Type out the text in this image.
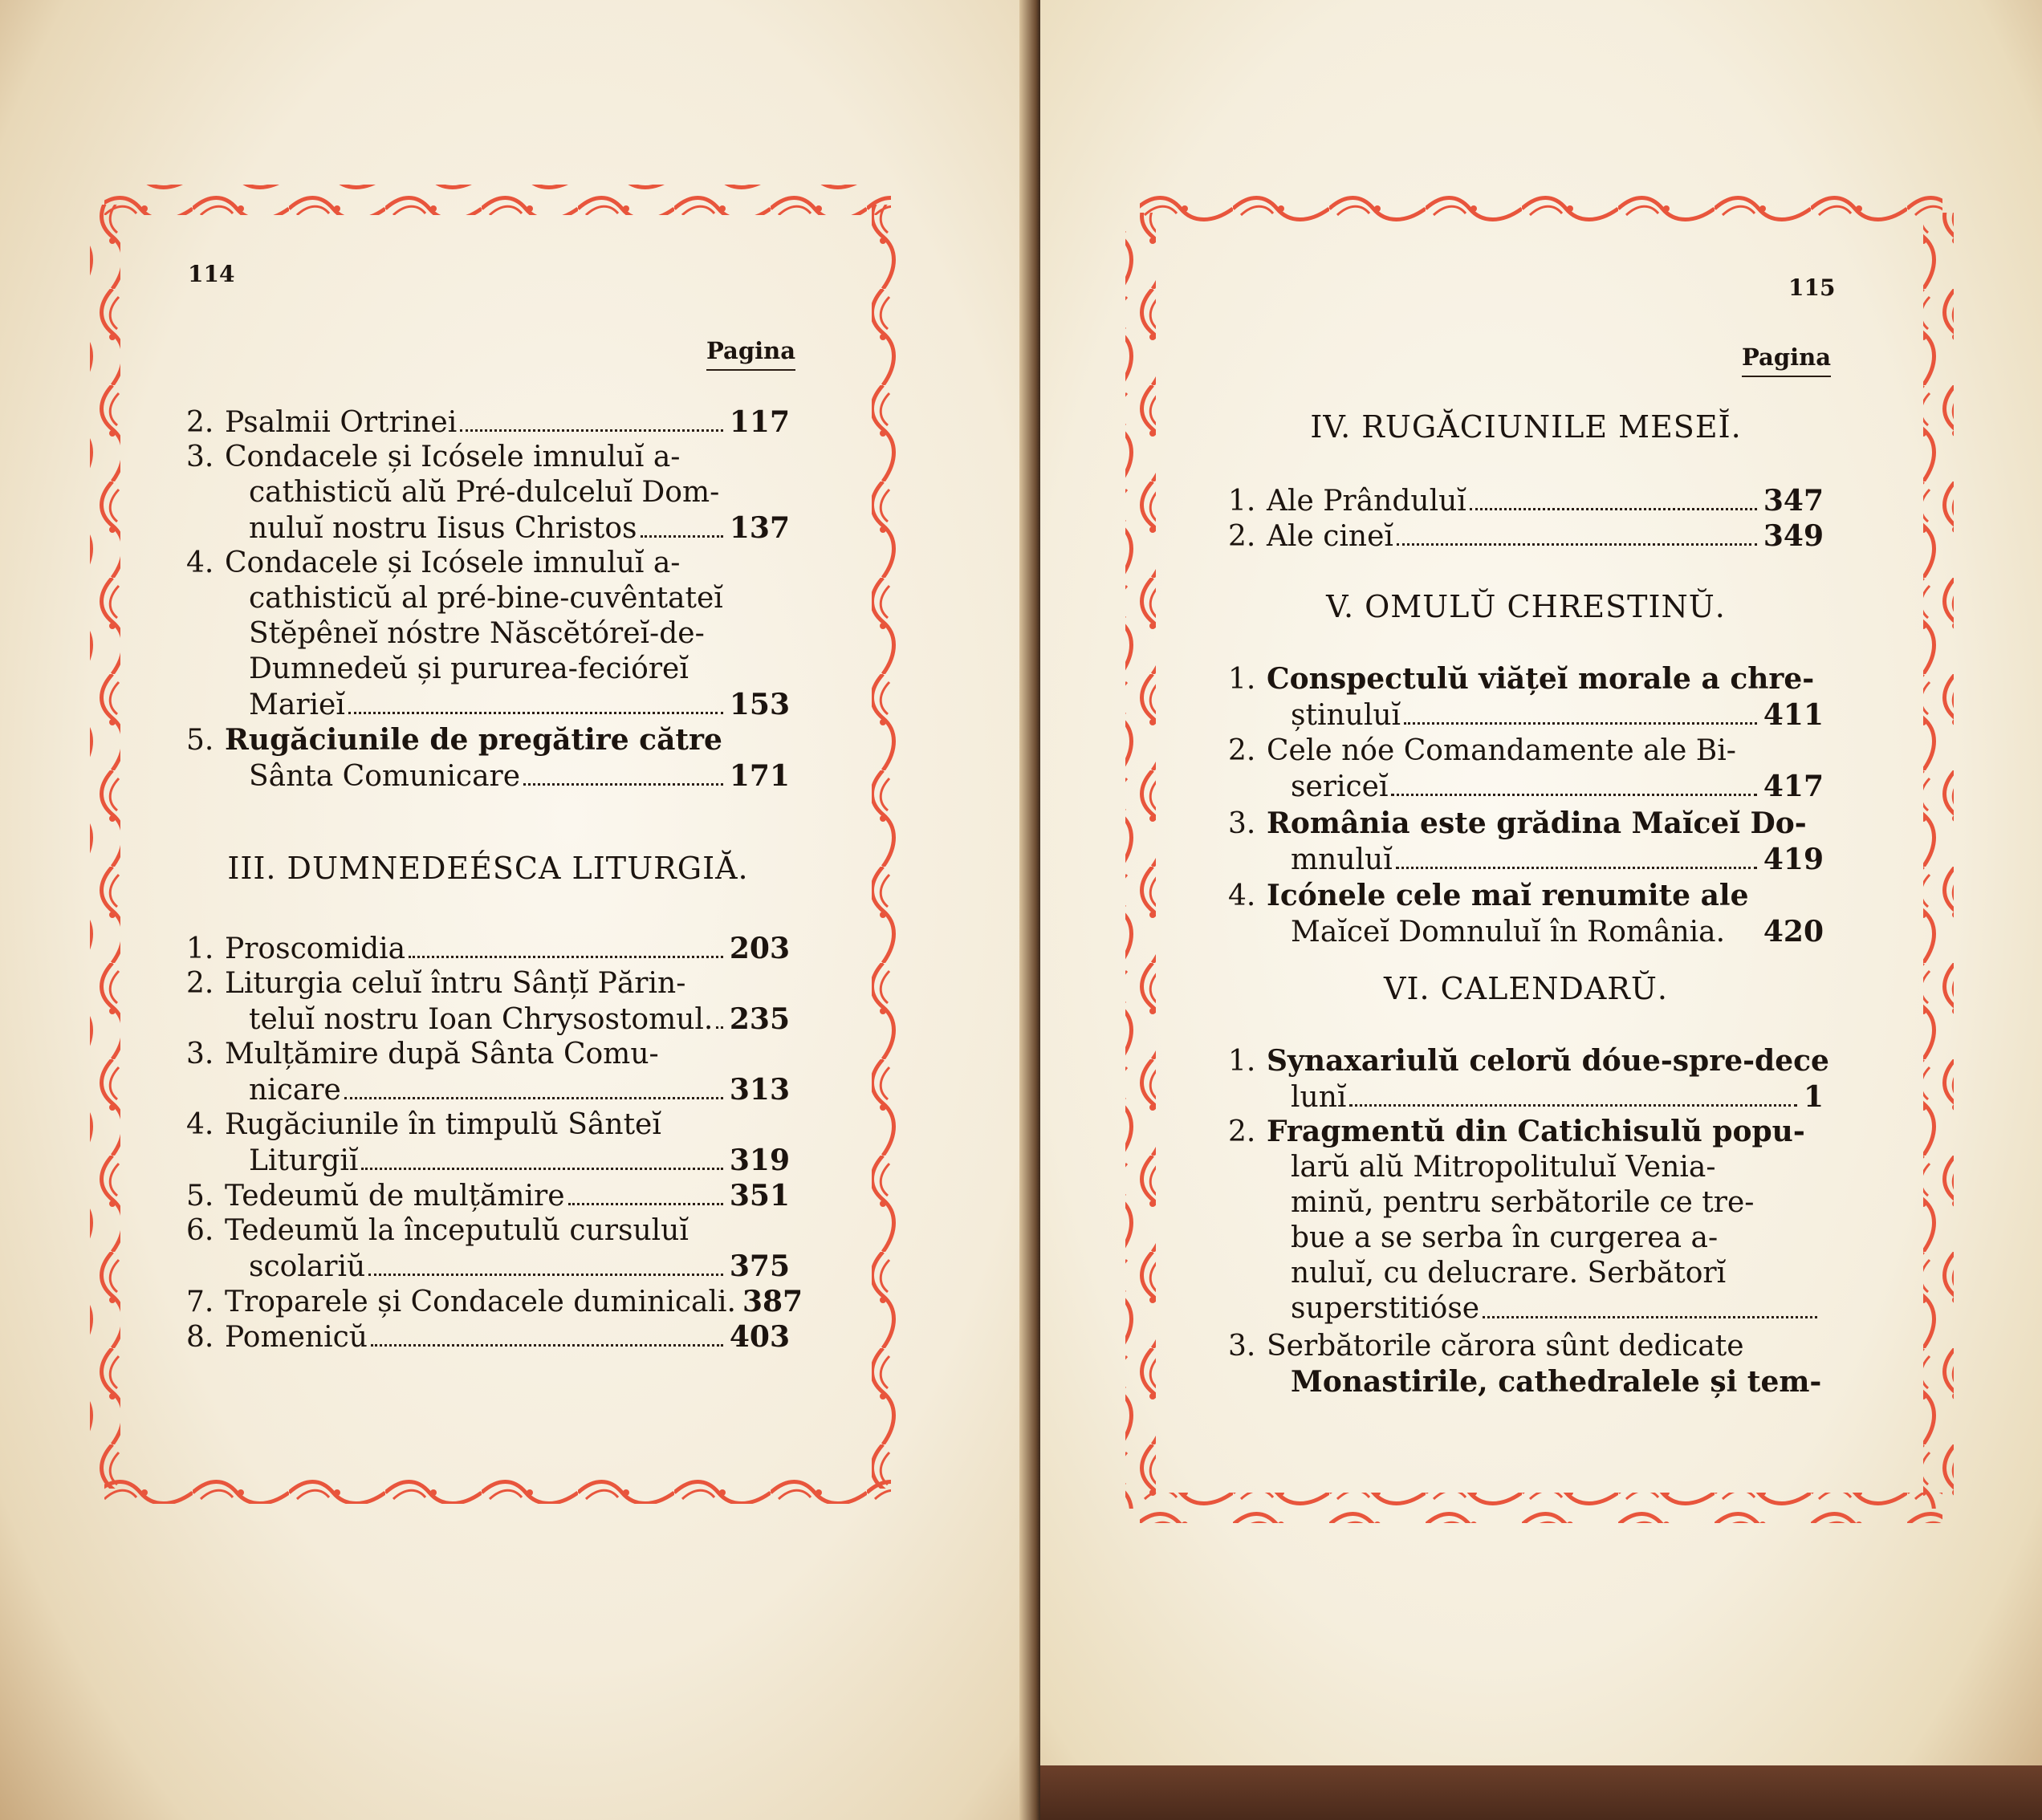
114
Pagina
2. Psalmii Ortrinei	117
3. Condacele și Icósele imnuluĭ a-
cathisticŭ alŭ Pré-dulceluĭ Dom-
nuluĭ nostru Iisus Christos	137
4. Condacele și Icósele imnuluĭ a-
cathisticŭ al pré-bine-cuvêntateĭ
Stĕpêneĭ nóstre Născĕtóreĭ-de-
Dumnedeŭ și pururea-fecióreĭ
Marieĭ	153
5. Rugăciunile de pregătire către
Sânta Comunicare	171
III. DUMNEDEÉSCA LITURGIĂ.
1. Proscomidia	203
2. Liturgia celuĭ întru Sânțĭ Părin-
teluĭ nostru Ioan Chrysostomul. 235
3. Mulțămire după Sânta Comu-
nicare	313
4. Rugăciunile în timpulŭ Sânteĭ
Liturgiĭ	319
5. Tedeumŭ de mulțămire	351
6. Tedeumŭ la începutulŭ cursuluĭ
scolariŭ	375
7. Troparele și Condacele duminicali. 387
8. Pomenicŭ	403
115
Pagina
IV. RUGĂCIUNILE MESEĬ.
1. Ale Prânduluĭ	347
2. Ale cineĭ	349
V. OMULŬ CHRESTINŬ.
1. Conspectulŭ viățeĭ morale a chre-
știnuluĭ	411
2. Cele nóe Comandamente ale Bi-
sericeĭ	417
3. România este grădina Maĭceĭ Do-
mnuluĭ	419
4. Icónele cele maĭ renumite ale
Maĭceĭ Domnuluĭ în România. 420
VI. CALENDARŬ.
1. Synaxariulŭ celorŭ dóue-spre-dece
lunĭ	1
2. Fragmentŭ din Catichisulŭ popu-
larŭ alŭ Mitropolituluĭ Venia-
minŭ, pentru serbătorile ce tre-
bue a se serba în curgerea a-
nuluĭ, cu delucrare. Serbătorĭ
superstitióse
3. Serbătorile cărora sûnt dedicate
Monastirile, cathedralele și tem-
